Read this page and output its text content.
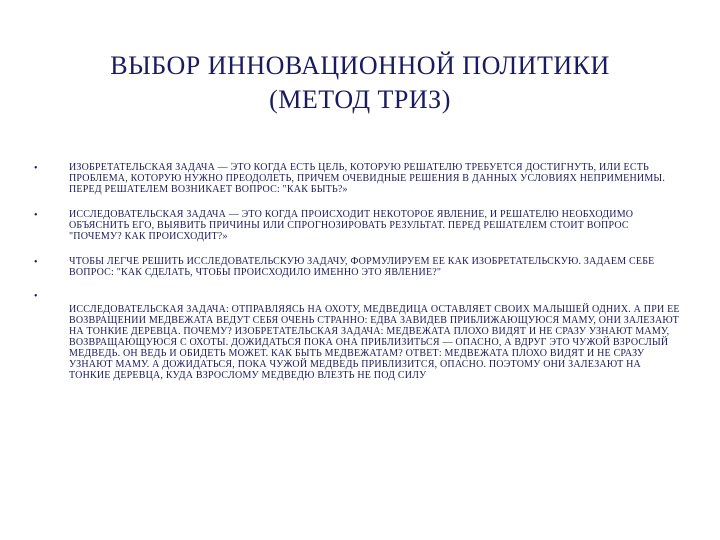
ВЫБОР ИННОВАЦИОННОЙ ПОЛИТИКИ
(МЕТОД ТРИЗ)
•	ИЗОБРЕТАТЕЛЬСКАЯ ЗАДАЧА — ЭТО КОГДА ЕСТЬ ЦЕЛЬ, КОТОРУЮ РЕШАТЕЛЮ ТРЕБУЕТСЯ ДОСТИГНУТЬ, ИЛИ ЕСТЬ ПРОБЛЕМА, КОТОРУЮ НУЖНО ПРЕОДОЛЕТЬ, ПРИЧЕМ ОЧЕВИДНЫЕ РЕШЕНИЯ В ДАННЫХ УСЛОВИЯХ НЕПРИМЕНИМЫ. ПЕРЕД РЕШАТЕЛЕМ ВОЗНИКАЕТ ВОПРОС: "КАК БЫТЬ?»
•	ИССЛЕДОВАТЕЛЬСКАЯ ЗАДАЧА — ЭТО КОГДА ПРОИСХОДИТ НЕКОТОРОЕ ЯВЛЕНИЕ, И РЕШАТЕЛЮ НЕОБХОДИМО ОБЪЯСНИТЬ ЕГО, ВЫЯВИТЬ ПРИЧИНЫ ИЛИ СПРОГНОЗИРОВАТЬ РЕЗУЛЬТАТ. ПЕРЕД РЕШАТЕЛЕМ СТОИТ ВОПРОС "ПОЧЕМУ? КАК ПРОИСХОДИТ?»
•	ЧТОБЫ ЛЕГЧЕ РЕШИТЬ ИССЛЕДОВАТЕЛЬСКУЮ ЗАДАЧУ, ФОРМУЛИРУЕМ ЕЕ КАК ИЗОБРЕТАТЕЛЬСКУЮ. ЗАДАЕМ СЕБЕ ВОПРОС: "КАК СДЕЛАТЬ, ЧТОБЫ ПРОИСХОДИЛО ИМЕННО ЭТО ЯВЛЕНИЕ?"
•
ИССЛЕДОВАТЕЛЬСКАЯ ЗАДАЧА: ОТПРАВЛЯЯСЬ НА ОХОТУ, МЕДВЕДИЦА ОСТАВЛЯЕТ СВОИХ МАЛЫШЕЙ ОДНИХ. А ПРИ ЕЕ ВОЗВРАЩЕНИИ МЕДВЕЖАТА ВЕДУТ СЕБЯ ОЧЕНЬ СТРАННО: ЕДВА ЗАВИДЕВ ПРИБЛИЖАЮЩУЮСЯ МАМУ, ОНИ ЗАЛЕЗАЮТ НА ТОНКИЕ ДЕРЕВЦА. ПОЧЕМУ? ИЗОБРЕТАТЕЛЬСКАЯ ЗАДАЧА: МЕДВЕЖАТА ПЛОХО ВИДЯТ И НЕ СРАЗУ УЗНАЮТ МАМУ, ВОЗВРАЩАЮЩУЮСЯ С ОХОТЫ. ДОЖИДАТЬСЯ ПОКА ОНА ПРИБЛИЗИТЬСЯ — ОПАСНО, А ВДРУГ ЭТО ЧУЖОЙ ВЗРОСЛЫЙ МЕДВЕДЬ. ОН ВЕДЬ И ОБИДЕТЬ МОЖЕТ. КАК БЫТЬ МЕДВЕЖАТАМ? ОТВЕТ: МЕДВЕЖАТА ПЛОХО ВИДЯТ И НЕ СРАЗУ УЗНАЮТ МАМУ. А ДОЖИДАТЬСЯ, ПОКА ЧУЖОЙ МЕДВЕДЬ ПРИБЛИЗИТСЯ, ОПАСНО. ПОЭТОМУ ОНИ ЗАЛЕЗАЮТ НА ТОНКИЕ ДЕРЕВЦА, КУДА ВЗРОСЛОМУ МЕДВЕДЮ ВЛЕЗТЬ НЕ ПОД СИЛУ
